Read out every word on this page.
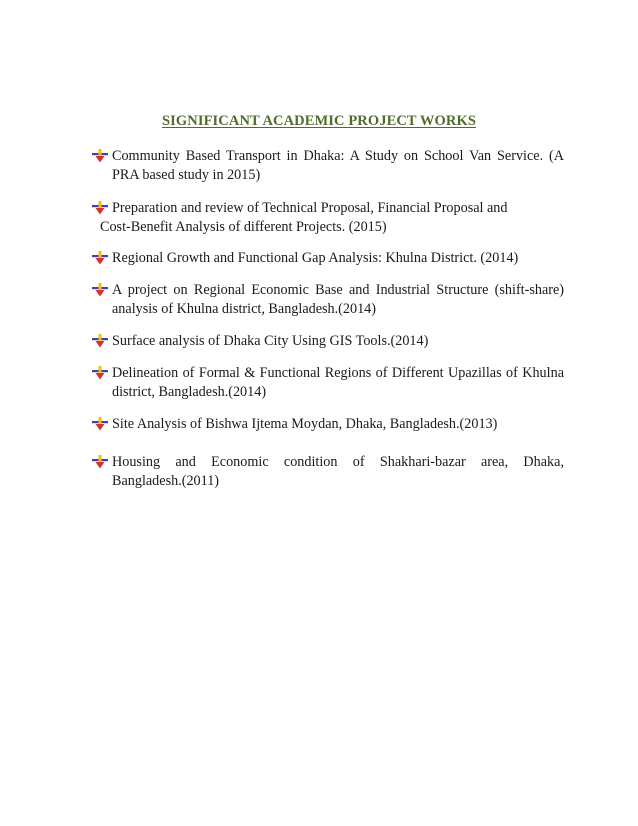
SIGNIFICANT ACADEMIC PROJECT WORKS
Community Based Transport in Dhaka: A Study on School Van Service. (A
PRA based study in 2015)
Preparation and review of Technical Proposal, Financial Proposal and
Cost-Benefit Analysis of different Projects. (2015)
Regional Growth and Functional Gap Analysis: Khulna District. (2014)
A project on Regional Economic Base and Industrial Structure (shift-share)
analysis of Khulna district, Bangladesh.(2014)
Surface analysis of Dhaka City Using GIS Tools.(2014)
Delineation of Formal & Functional Regions of Different Upazillas of Khulna
district, Bangladesh.(2014)
Site Analysis of Bishwa Ijtema Moydan, Dhaka, Bangladesh.(2013)
Housing and Economic condition of Shakhari-bazar area, Dhaka,
Bangladesh.(2011)
